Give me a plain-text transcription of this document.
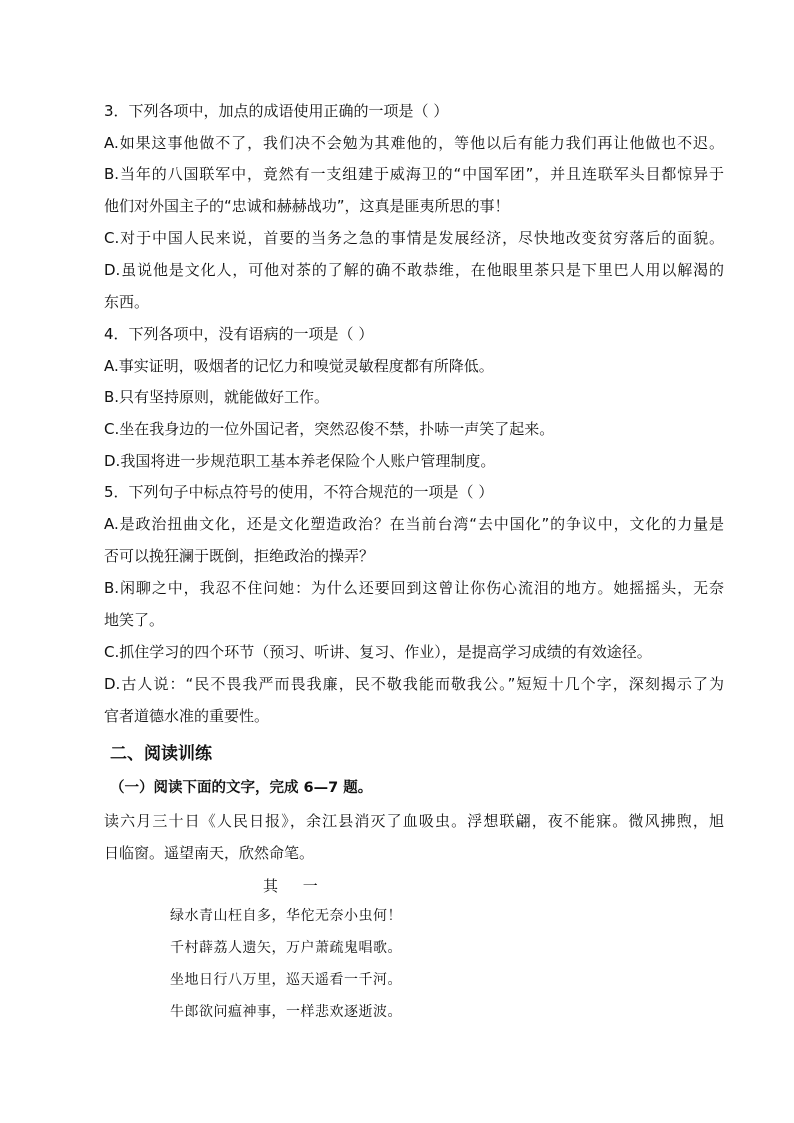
3．下列各项中，加点的成语使用正确的一项是（ ）
A.如果这事他做不了，我们决不会勉为其难他的，等他以后有能力我们再让他做也不迟。
B.当年的八国联军中，竟然有一支组建于威海卫的“中国军团”，并且连联军头目都惊异于
他们对外国主子的“忠诚和赫赫战功”，这真是匪夷所思的事！
C.对于中国人民来说，首要的当务之急的事情是发展经济，尽快地改变贫穷落后的面貌。
D.虽说他是文化人，可他对茶的了解的确不敢恭维，在他眼里茶只是下里巴人用以解渴的
东西。
4．下列各项中，没有语病的一项是（ ）
A.事实证明，吸烟者的记忆力和嗅觉灵敏程度都有所降低。
B.只有坚持原则，就能做好工作。
C.坐在我身边的一位外国记者，突然忍俊不禁，扑哧一声笑了起来。
D.我国将进一步规范职工基本养老保险个人账户管理制度。
5．下列句子中标点符号的使用，不符合规范的一项是（ ）
A.是政治扭曲文化，还是文化塑造政治？在当前台湾“去中国化”的争议中，文化的力量是
否可以挽狂澜于既倒，拒绝政治的操弄？
B.闲聊之中，我忍不住问她：为什么还要回到这曾让你伤心流泪的地方。她摇摇头，无奈
地笑了。
C.抓住学习的四个环节（预习、听讲、复习、作业），是提高学习成绩的有效途径。
D.古人说：“民不畏我严而畏我廉，民不敬我能而敬我公。”短短十几个字，深刻揭示了为
官者道德水准的重要性。
二、阅读训练
（一）阅读下面的文字，完成 6—7 题。
读六月三十日《人民日报》，余江县消灭了血吸虫。浮想联翩，夜不能寐。微风拂煦，旭
日临窗。遥望南天，欣然命笔。
其 一
绿水青山枉自多，华佗无奈小虫何！
千村薜荔人遗矢，万户萧疏鬼唱歌。
坐地日行八万里，巡天遥看一千河。
牛郎欲问瘟神事，一样悲欢逐逝波。
